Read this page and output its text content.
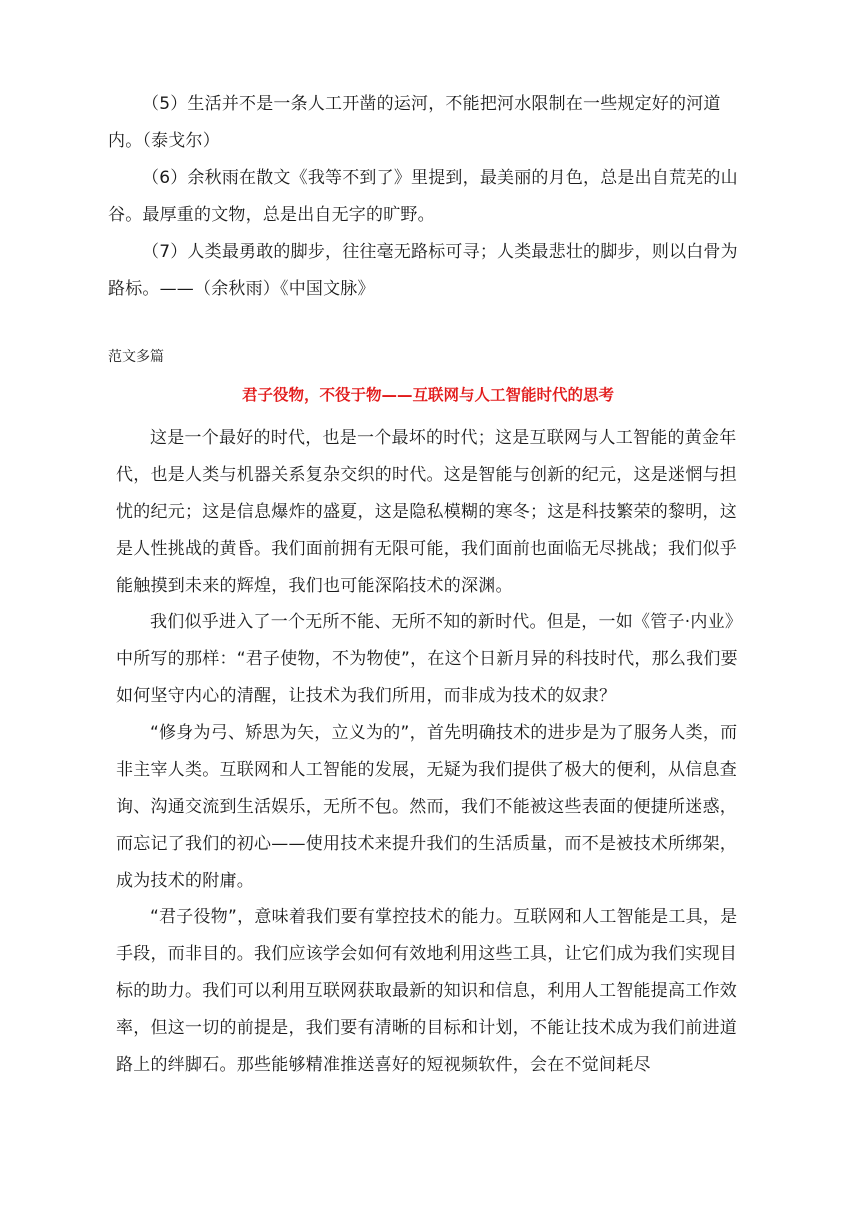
（5）生活并不是一条人工开凿的运河，不能把河水限制在一些规定好的河道内。（泰戈尔）

（6）余秋雨在散文《我等不到了》里提到，最美丽的月色，总是出自荒芜的山谷。最厚重的文物，总是出自无字的旷野。

（7）人类最勇敢的脚步，往往毫无路标可寻；人类最悲壮的脚步，则以白骨为路标。——（余秋雨）《中国文脉》

范文多篇
君子役物，不役于物——互联网与人工智能时代的思考

这是一个最好的时代，也是一个最坏的时代；这是互联网与人工智能的黄金年代，也是人类与机器关系复杂交织的时代。这是智能与创新的纪元，这是迷惘与担忧的纪元；这是信息爆炸的盛夏，这是隐私模糊的寒冬；这是科技繁荣的黎明，这是人性挑战的黄昏。我们面前拥有无限可能，我们面前也面临无尽挑战；我们似乎能触摸到未来的辉煌，我们也可能深陷技术的深渊。

我们似乎进入了一个无所不能、无所不知的新时代。但是，一如《管子·内业》中所写的那样：“君子使物，不为物使”，在这个日新月异的科技时代，那么我们要如何坚守内心的清醒，让技术为我们所用，而非成为技术的奴隶？

“修身为弓、矫思为矢，立义为的”，首先明确技术的进步是为了服务人类，而非主宰人类。互联网和人工智能的发展，无疑为我们提供了极大的便利，从信息查询、沟通交流到生活娱乐，无所不包。然而，我们不能被这些表面的便捷所迷惑，而忘记了我们的初心——使用技术来提升我们的生活质量，而不是被技术所绑架，成为技术的附庸。

“君子役物”，意味着我们要有掌控技术的能力。互联网和人工智能是工具，是手段，而非目的。我们应该学会如何有效地利用这些工具，让它们成为我们实现目标的助力。我们可以利用互联网获取最新的知识和信息，利用人工智能提高工作效率，但这一切的前提是，我们要有清晰的目标和计划，不能让技术成为我们前进道路上的绊脚石。那些能够精准推送喜好的短视频软件，会在不觉间耗尽
